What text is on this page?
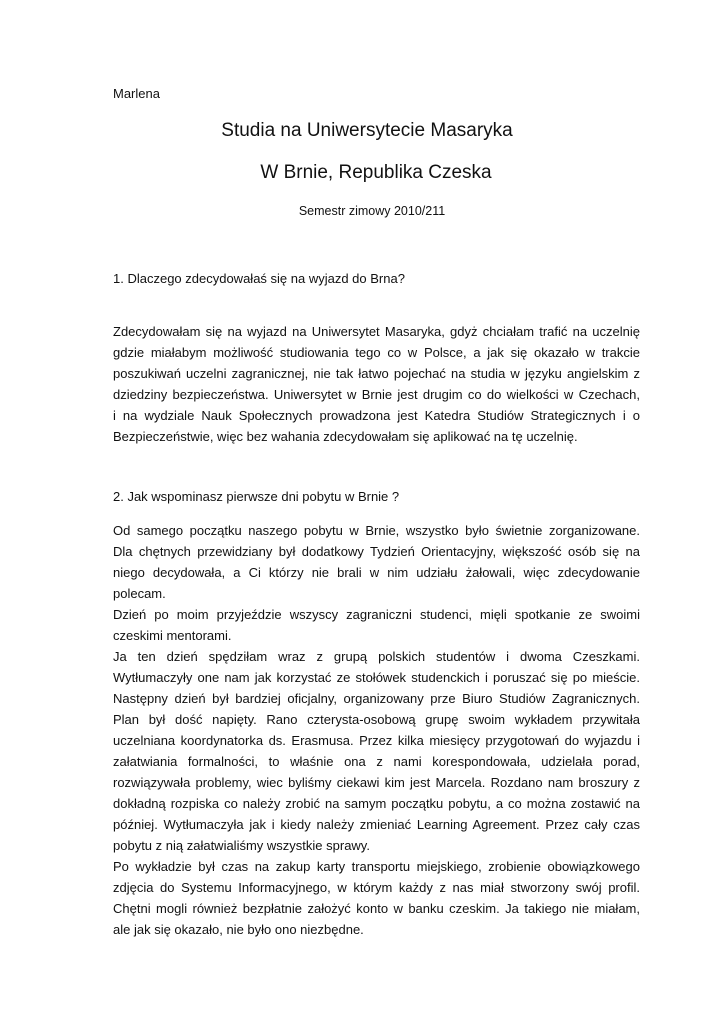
Marlena
Studia na Uniwersytecie Masaryka
W Brnie, Republika Czeska
Semestr zimowy 2010/211
1. Dlaczego zdecydowałaś się na wyjazd do Brna?
Zdecydowałam się na wyjazd na Uniwersytet Masaryka, gdyż chciałam trafić na uczelnię
gdzie miałabym możliwość studiowania tego co w Polsce, a jak się okazało w trakcie
poszukiwań uczelni zagranicznej, nie tak łatwo pojechać na studia w języku angielskim z
dziedziny bezpieczeństwa. Uniwersytet w Brnie jest drugim co do wielkości w Czechach,
i na wydziale Nauk Społecznych prowadzona jest Katedra Studiów Strategicznych i o
Bezpieczeństwie, więc bez wahania zdecydowałam się aplikować na tę uczelnię.
2. Jak wspominasz pierwsze dni pobytu w Brnie ?
Od samego początku naszego pobytu w Brnie, wszystko było świetnie zorganizowane.
Dla chętnych przewidziany był dodatkowy Tydzień Orientacyjny, większość osób się na
niego decydowała, a Ci którzy nie brali w nim udziału żałowali, więc zdecydowanie
polecam.
Dzień po moim przyjeździe wszyscy zagraniczni studenci, mięli spotkanie ze swoimi
czeskimi mentorami.
Ja ten dzień spędziłam wraz z grupą polskich studentów i dwoma Czeszkami.
Wytłumaczyły one nam jak korzystać ze stołówek studenckich i poruszać się po mieście.
Następny dzień był bardziej oficjalny, organizowany prze Biuro Studiów Zagranicznych.
Plan był dość napięty. Rano czterysta-osobową grupę swoim wykładem przywitała
uczelniana koordynatorka ds. Erasmusa. Przez kilka miesięcy przygotowań do wyjazdu i
załatwiania formalności, to właśnie ona z nami korespondowała, udzielała porad,
rozwiązywała problemy, wiec byliśmy ciekawi kim jest Marcela. Rozdano nam broszury z
dokładną rozpiska co należy zrobić na samym początku pobytu, a co można zostawić na
później. Wytłumaczyła jak i kiedy należy zmieniać Learning Agreement. Przez cały czas
pobytu z nią załatwialiśmy wszystkie sprawy.
Po wykładzie był czas na zakup karty transportu miejskiego, zrobienie obowiązkowego
zdjęcia do Systemu Informacyjnego, w którym każdy z nas miał stworzony swój profil.
Chętni mogli również bezpłatnie założyć konto w banku czeskim. Ja takiego nie miałam,
ale jak się okazało, nie było ono niezbędne.
